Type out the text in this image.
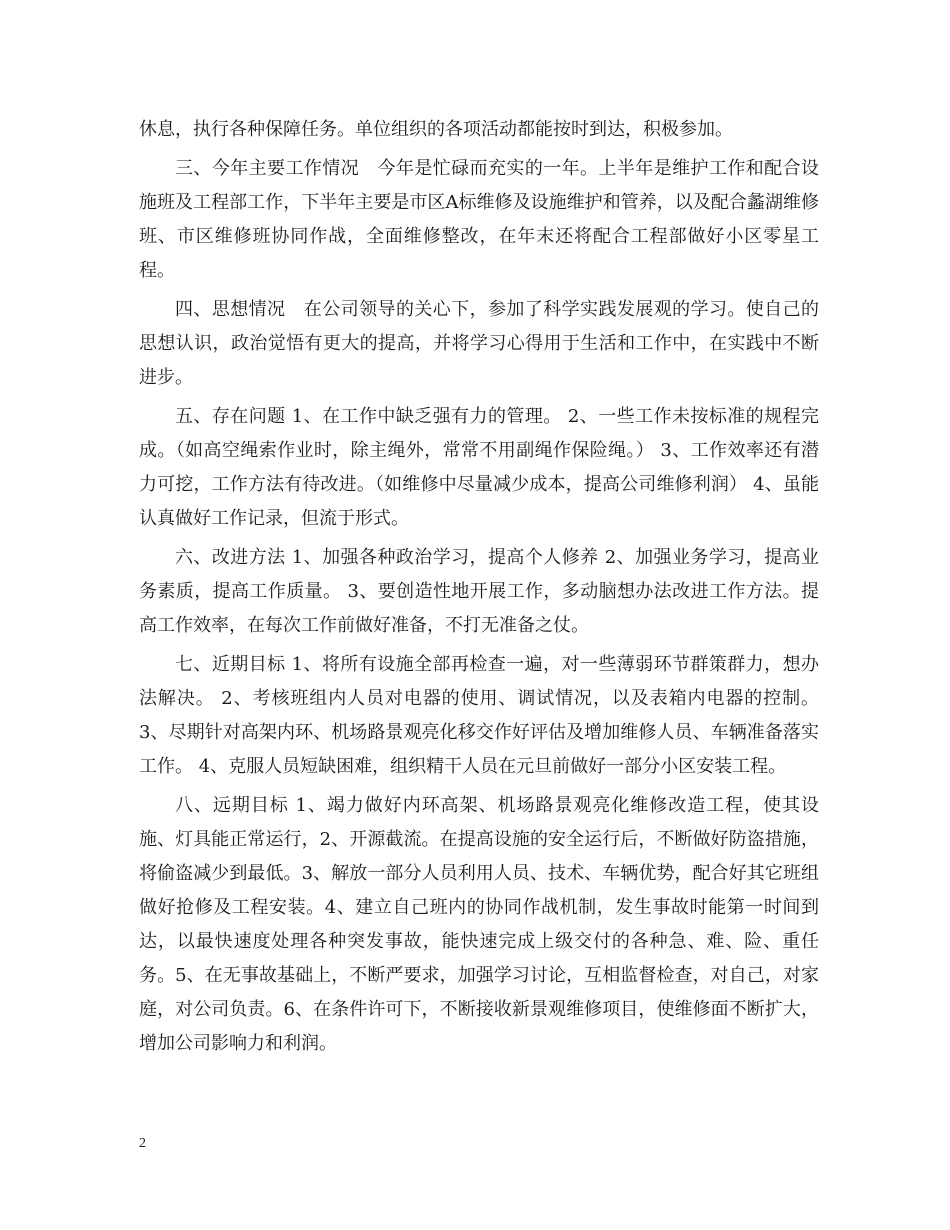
休息，执行各种保障任务。单位组织的各项活动都能按时到达，积极参加。

三、今年主要工作情况　今年是忙碌而充实的一年。上半年是维护工作和配合设施班及工程部工作，下半年主要是市区A标维修及设施维护和管养，以及配合蠡湖维修班、市区维修班协同作战，全面维修整改，在年末还将配合工程部做好小区零星工程。

四、思想情况　在公司领导的关心下，参加了科学实践发展观的学习。使自己的思想认识，政治觉悟有更大的提高，并将学习心得用于生活和工作中，在实践中不断进步。

五、存在问题 1、在工作中缺乏强有力的管理。 2、一些工作未按标准的规程完成。（如高空绳索作业时，除主绳外，常常不用副绳作保险绳。） 3、工作效率还有潜力可挖，工作方法有待改进。（如维修中尽量减少成本，提高公司维修利润） 4、虽能认真做好工作记录，但流于形式。

六、改进方法 1、加强各种政治学习，提高个人修养 2、加强业务学习，提高业务素质，提高工作质量。 3、要创造性地开展工作，多动脑想办法改进工作方法。提高工作效率，在每次工作前做好准备，不打无准备之仗。

七、近期目标 1、将所有设施全部再检查一遍，对一些薄弱环节群策群力，想办法解决。 2、考核班组内人员对电器的使用、调试情况，以及表箱内电器的控制。 3、尽期针对高架内环、机场路景观亮化移交作好评估及增加维修人员、车辆准备落实工作。 4、克服人员短缺困难，组织精干人员在元旦前做好一部分小区安装工程。

八、远期目标 1、竭力做好内环高架、机场路景观亮化维修改造工程，使其设施、灯具能正常运行，2、开源截流。在提高设施的安全运行后，不断做好防盗措施，将偷盗减少到最低。3、解放一部分人员利用人员、技术、车辆优势，配合好其它班组做好抢修及工程安装。4、建立自己班内的协同作战机制，发生事故时能第一时间到达，以最快速度处理各种突发事故，能快速完成上级交付的各种急、难、险、重任务。5、在无事故基础上，不断严要求，加强学习讨论，互相监督检查，对自己，对家庭，对公司负责。6、在条件许可下，不断接收新景观维修项目，使维修面不断扩大，增加公司影响力和利润。

2
